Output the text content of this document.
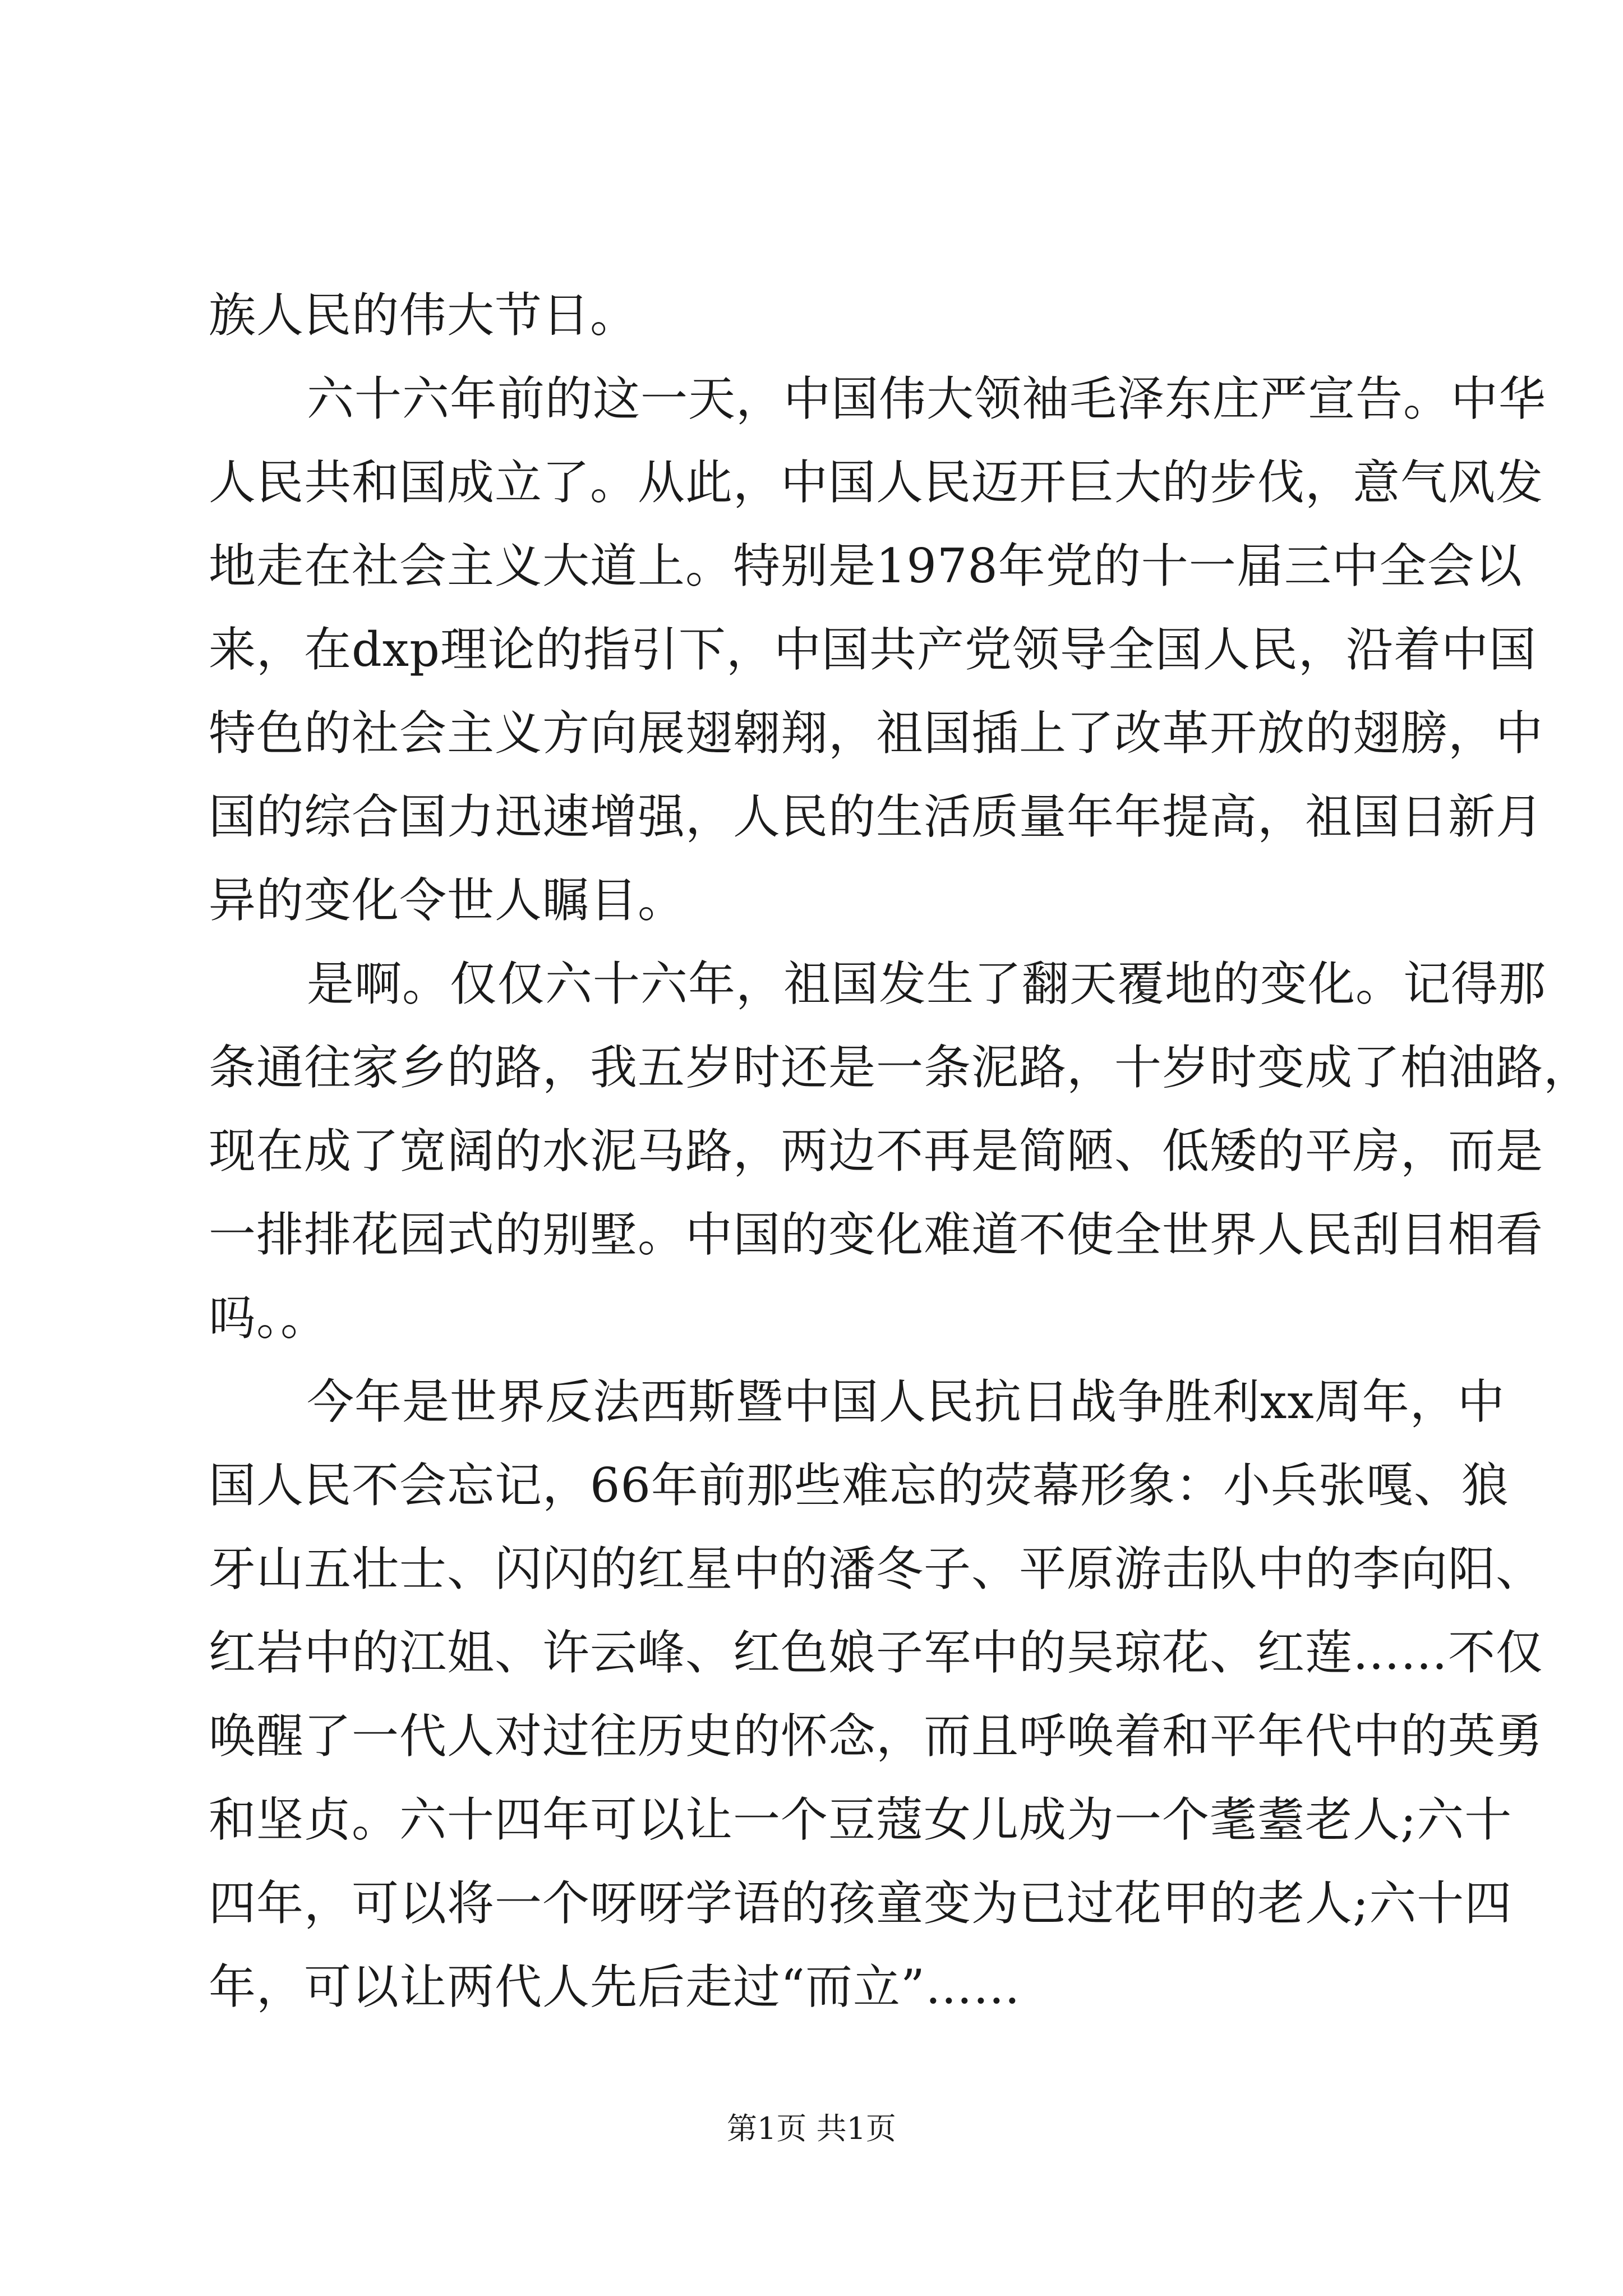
族人民的伟大节日。
六十六年前的这一天，中国伟大领袖毛泽东庄严宣告。中华
人民共和国成立了。从此，中国人民迈开巨大的步伐，意气风发
地走在社会主义大道上。特别是1978年党的十一届三中全会以
来，在dxp理论的指引下，中国共产党领导全国人民，沿着中国
特色的社会主义方向展翅翱翔，祖国插上了改革开放的翅膀，中
国的综合国力迅速增强，人民的生活质量年年提高，祖国日新月
异的变化令世人瞩目。
是啊。仅仅六十六年，祖国发生了翻天覆地的变化。记得那
条通往家乡的路，我五岁时还是一条泥路，十岁时变成了柏油路，
现在成了宽阔的水泥马路，两边不再是简陋、低矮的平房，而是
一排排花园式的别墅。中国的变化难道不使全世界人民刮目相看
吗。。
今年是世界反法西斯暨中国人民抗日战争胜利xx周年，中
国人民不会忘记，66年前那些难忘的荧幕形象：小兵张嘎、狼
牙山五壮士、闪闪的红星中的潘冬子、平原游击队中的李向阳、
红岩中的江姐、许云峰、红色娘子军中的吴琼花、红莲……不仅
唤醒了一代人对过往历史的怀念，而且呼唤着和平年代中的英勇
和坚贞。六十四年可以让一个豆蔻女儿成为一个耄耋老人;六十
四年，可以将一个呀呀学语的孩童变为已过花甲的老人;六十四
年，可以让两代人先后走过“而立”……
第1页 共1页
